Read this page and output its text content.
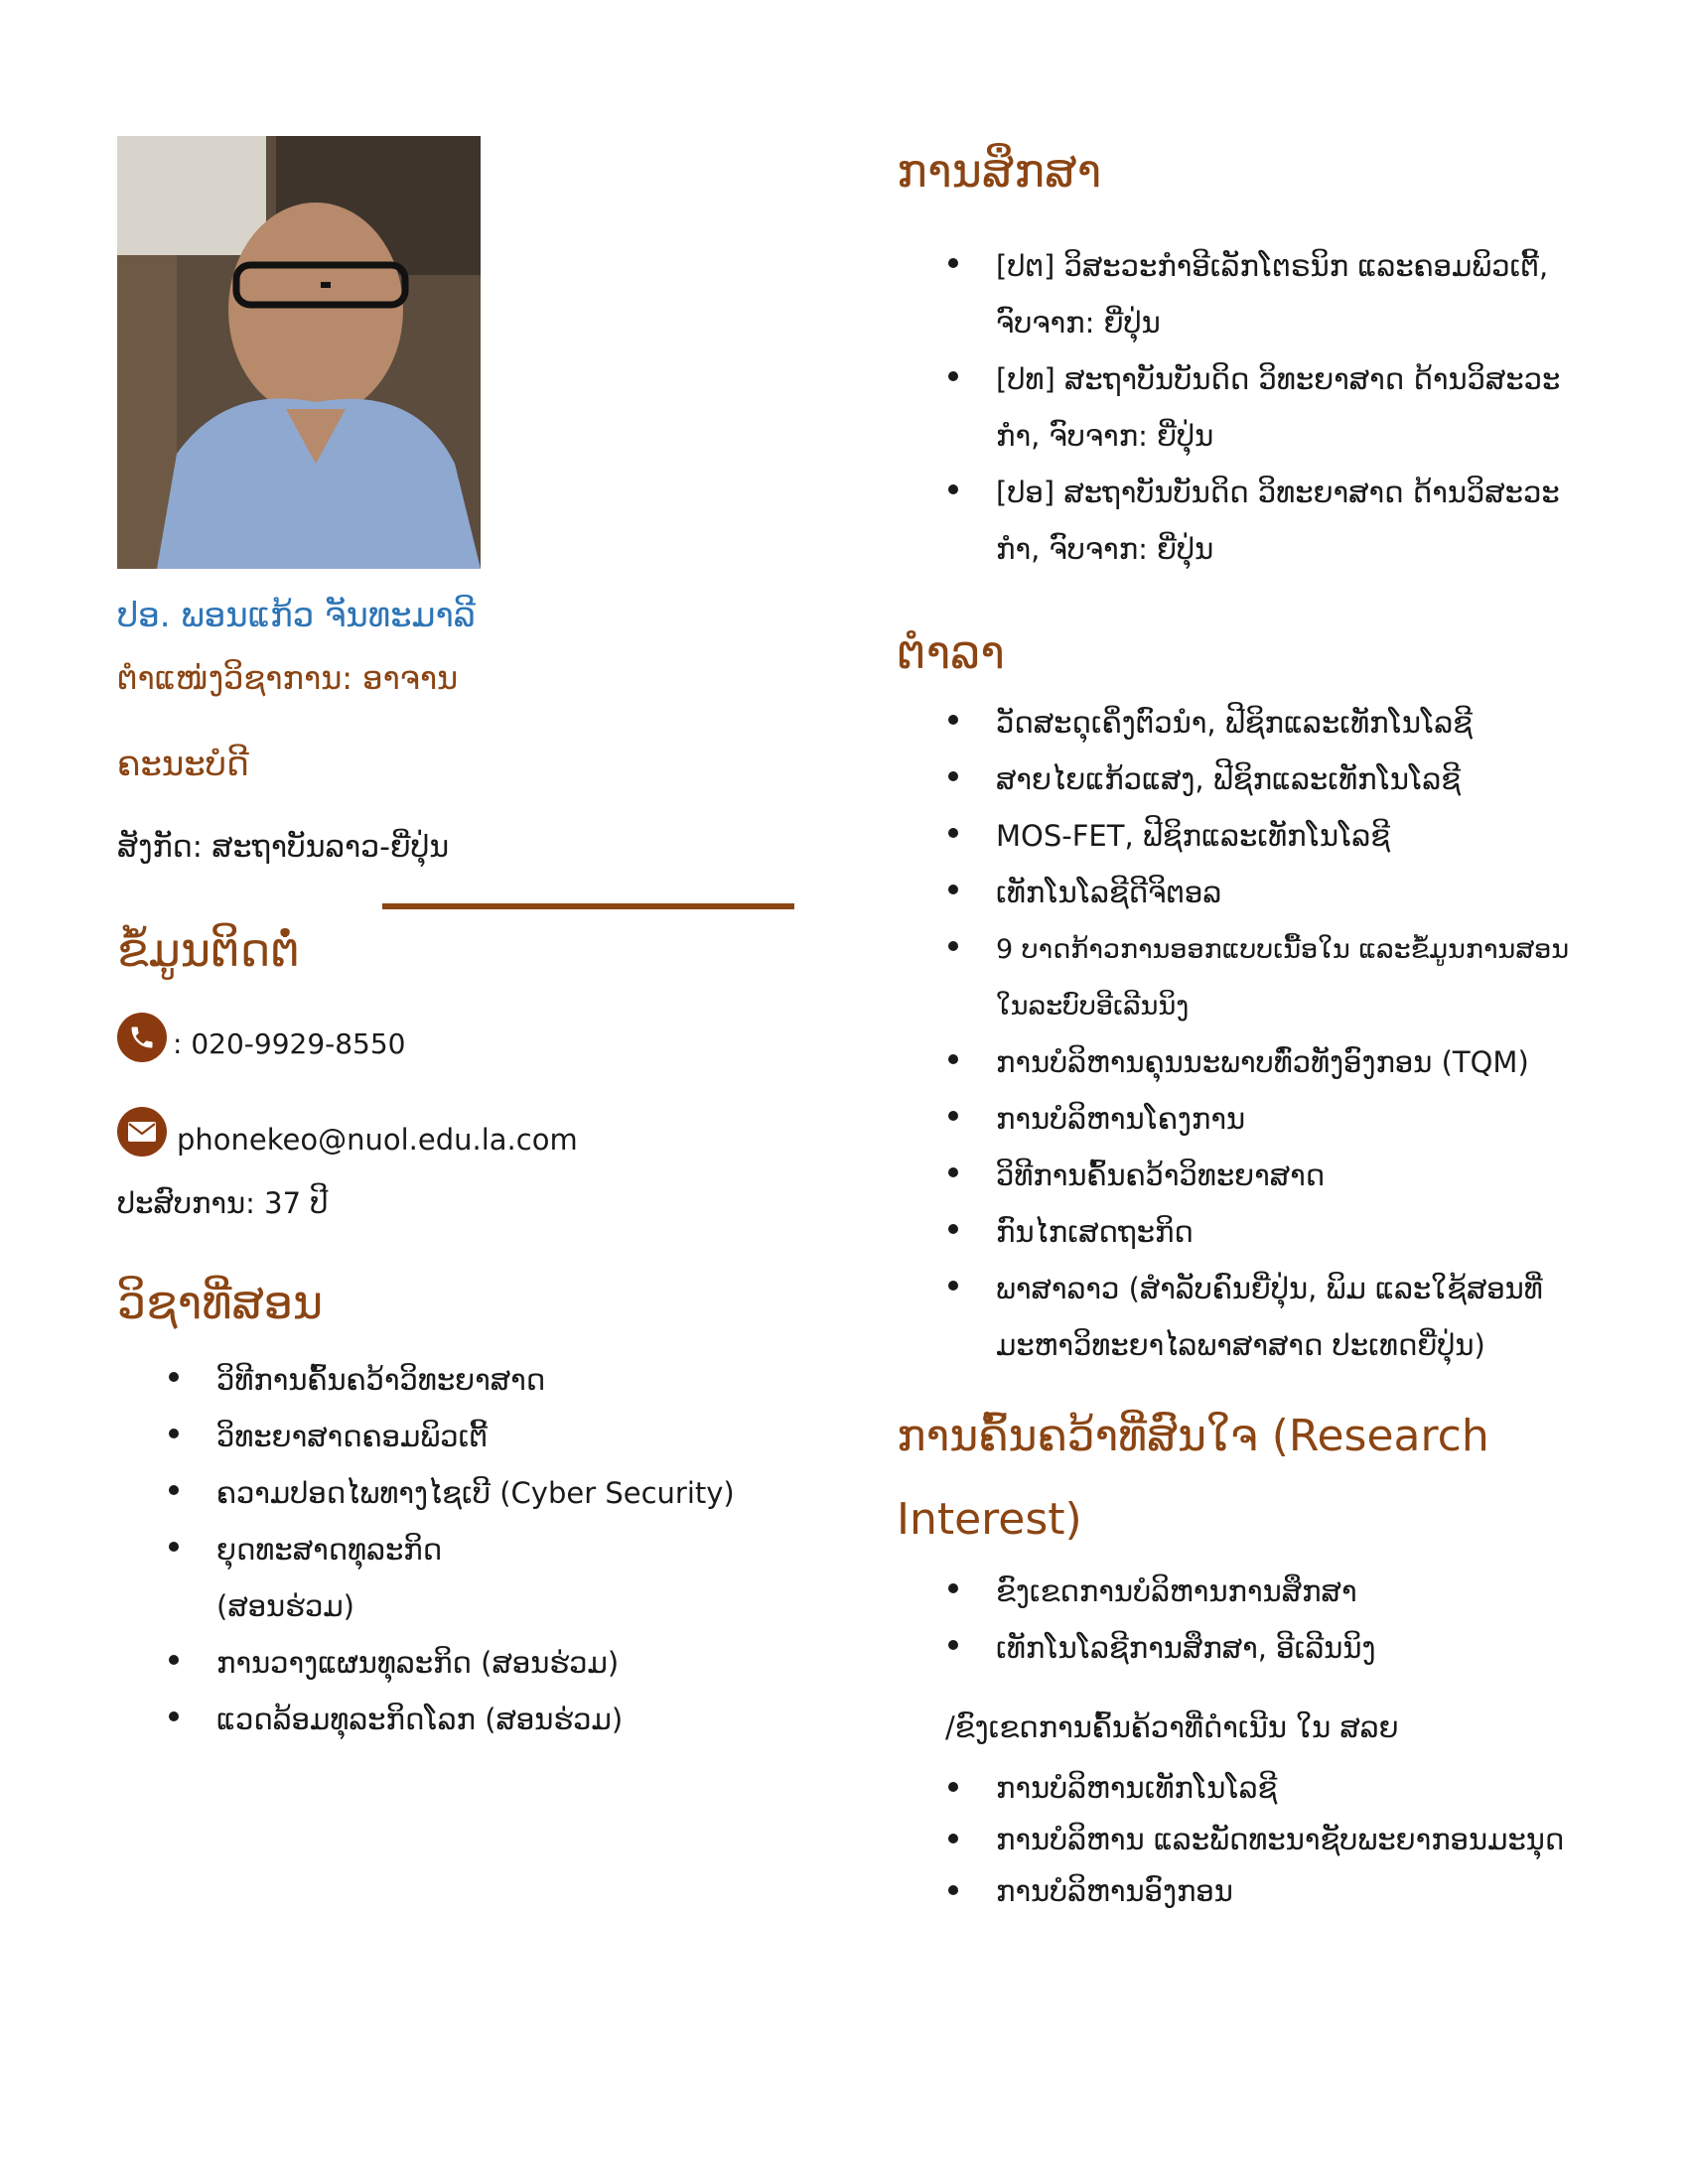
ປອ. ພອນແກ້ວ ຈັນທະມາລີ
ຕຳແໜ່ງວິຊາການ: ອາຈານ
ຄະນະບໍດີ
ສັງກັດ: ສະຖາບັນລາວ-ຍີ່ປຸ່ນ
ຂໍ້ມູນຕິດຕໍ່
: 020-9929-8550
phonekeo@nuol.edu.la.com
ປະສົບການ: 37 ປີ
ວິຊາທີ່ສອນ
ວິທີການຄົ້ນຄວ້າວິທະຍາສາດ
ວິທະຍາສາດຄອມພິວເຕີ້
ຄວາມປອດໄພທາງໄຊເບີ (Cyber Security)
ຍຸດທະສາດທຸລະກິດ
(ສອນຮ່ວມ)
ການວາງແຜນທຸລະກິດ (ສອນຮ່ວມ)
ແວດລ້ອມທຸລະກິດໂລກ (ສອນຮ່ວມ)
ການສຶກສາ
[ປຕ] ວິສະວະກຳອີເລັກໂຕຣນິກ ແລະຄອມພິວເຕີ້,
ຈົບຈາກ: ຍີ່ປຸ່ນ
[ປທ] ສະຖາບັນບັນດິດ ວິທະຍາສາດ ດ້ານວິສະວະ
ກຳ, ຈົບຈາກ: ຍີ່ປຸ່ນ
[ປອ] ສະຖາບັນບັນດິດ ວິທະຍາສາດ ດ້ານວິສະວະ
ກຳ, ຈົບຈາກ: ຍີ່ປຸ່ນ
ຕຳລາ
ວັດສະດຸເຄິ່ງຕົວນຳ, ຟີຊິກແລະເທັກໂນໂລຊີ
ສາຍໄຍແກ້ວແສງ, ຟີຊິກແລະເທັກໂນໂລຊີ
MOS-FET, ຟີຊິກແລະເທັກໂນໂລຊີ
ເທັກໂນໂລຊີດີຈິຕອລ
9 ບາດກ້າວການອອກແບບເນື້ອໃນ ແລະຂໍ້ມູນການສອນ
ໃນລະບົບອີເລີນນິງ
ການບໍລິຫານຄຸນນະພາບທົ່ວທັງອົງກອນ (TQM)
ການບໍລິຫານໂຄງການ
ວິທີການຄົ້ນຄວ້າວິທະຍາສາດ
ກົນໄກເສດຖະກິດ
ພາສາລາວ (ສຳລັບຄົນຍີ່ປຸ່ນ, ພິມ ແລະໃຊ້ສອນທີ່
ມະຫາວິທະຍາໄລພາສາສາດ ປະເທດຍີ່ປຸ່ນ)
ການຄົ້ນຄວ້າທີ່ສົນໃຈ (Research Interest)
ຂົງເຂດການບໍລິຫານການສຶກສາ
ເທັກໂນໂລຊີການສຶກສາ, ອີເລີນນິງ
/ຂົງເຂດການຄົ້ນຄ້ວາທີ່ດຳເນີນ ໃນ ສລຍ
ການບໍລິຫານເທັກໂນໂລຊີ
ການບໍລິຫານ ແລະພັດທະນາຊັບພະຍາກອນມະນຸດ
ການບໍລິຫານອົງກອນ
